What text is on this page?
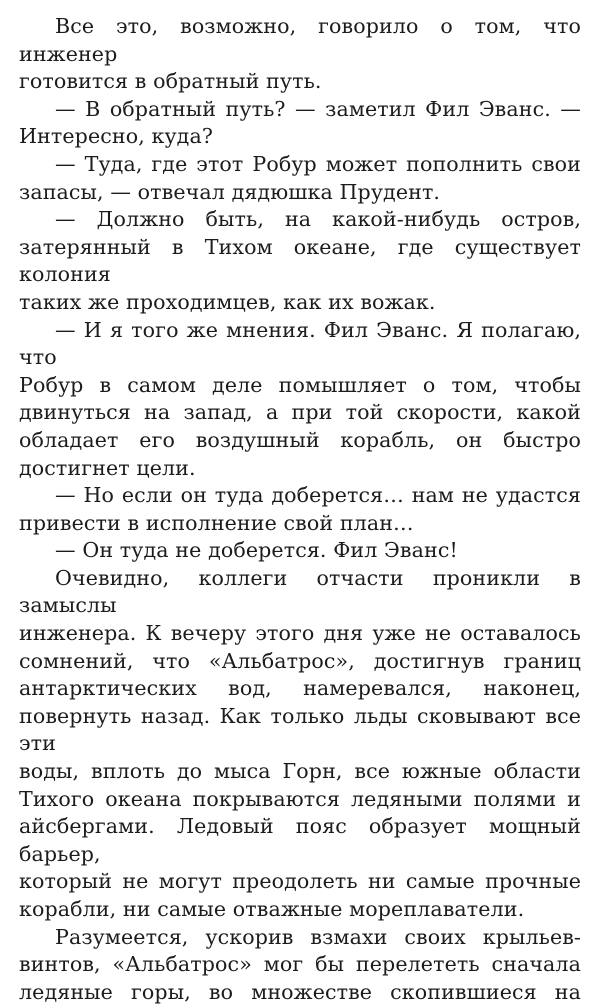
Все это, возможно, говорило о том, что инженер

готовится в обратный путь.

— В обратный путь? — заметил Фил Эванс. —

Интересно, куда?

— Туда, где этот Робур может пополнить свои

запасы, — отвечал дядюшка Прудент.

— Должно быть, на какой-нибудь остров,

затерянный в Тихом океане, где существует колония

таких же проходимцев, как их вожак.

— И я того же мнения. Фил Эванс. Я полагаю, что

Робур в самом деле помышляет о том, чтобы

двинуться на запад, а при той скорости, какой

обладает его воздушный корабль, он быстро

достигнет цели.

— Но если он туда доберется… нам не удастся

привести в исполнение свой план…

— Он туда не доберется. Фил Эванс!

Очевидно, коллеги отчасти проникли в замыслы

инженера. К вечеру этого дня уже не оставалось

сомнений, что «Альбатрос», достигнув границ

антарктических вод, намеревался, наконец,

повернуть назад. Как только льды сковывают все эти

воды, вплоть до мыса Горн, все южные области

Тихого океана покрываются ледяными полями и

айсбергами. Ледовый пояс образует мощный барьер,

который не могут преодолеть ни самые прочные

корабли, ни самые отважные мореплаватели.

Разумеется, ускорив взмахи своих крыльев-

винтов, «Альбатрос» мог бы перелететь сначала

ледяные горы, во множестве скопившиеся на
